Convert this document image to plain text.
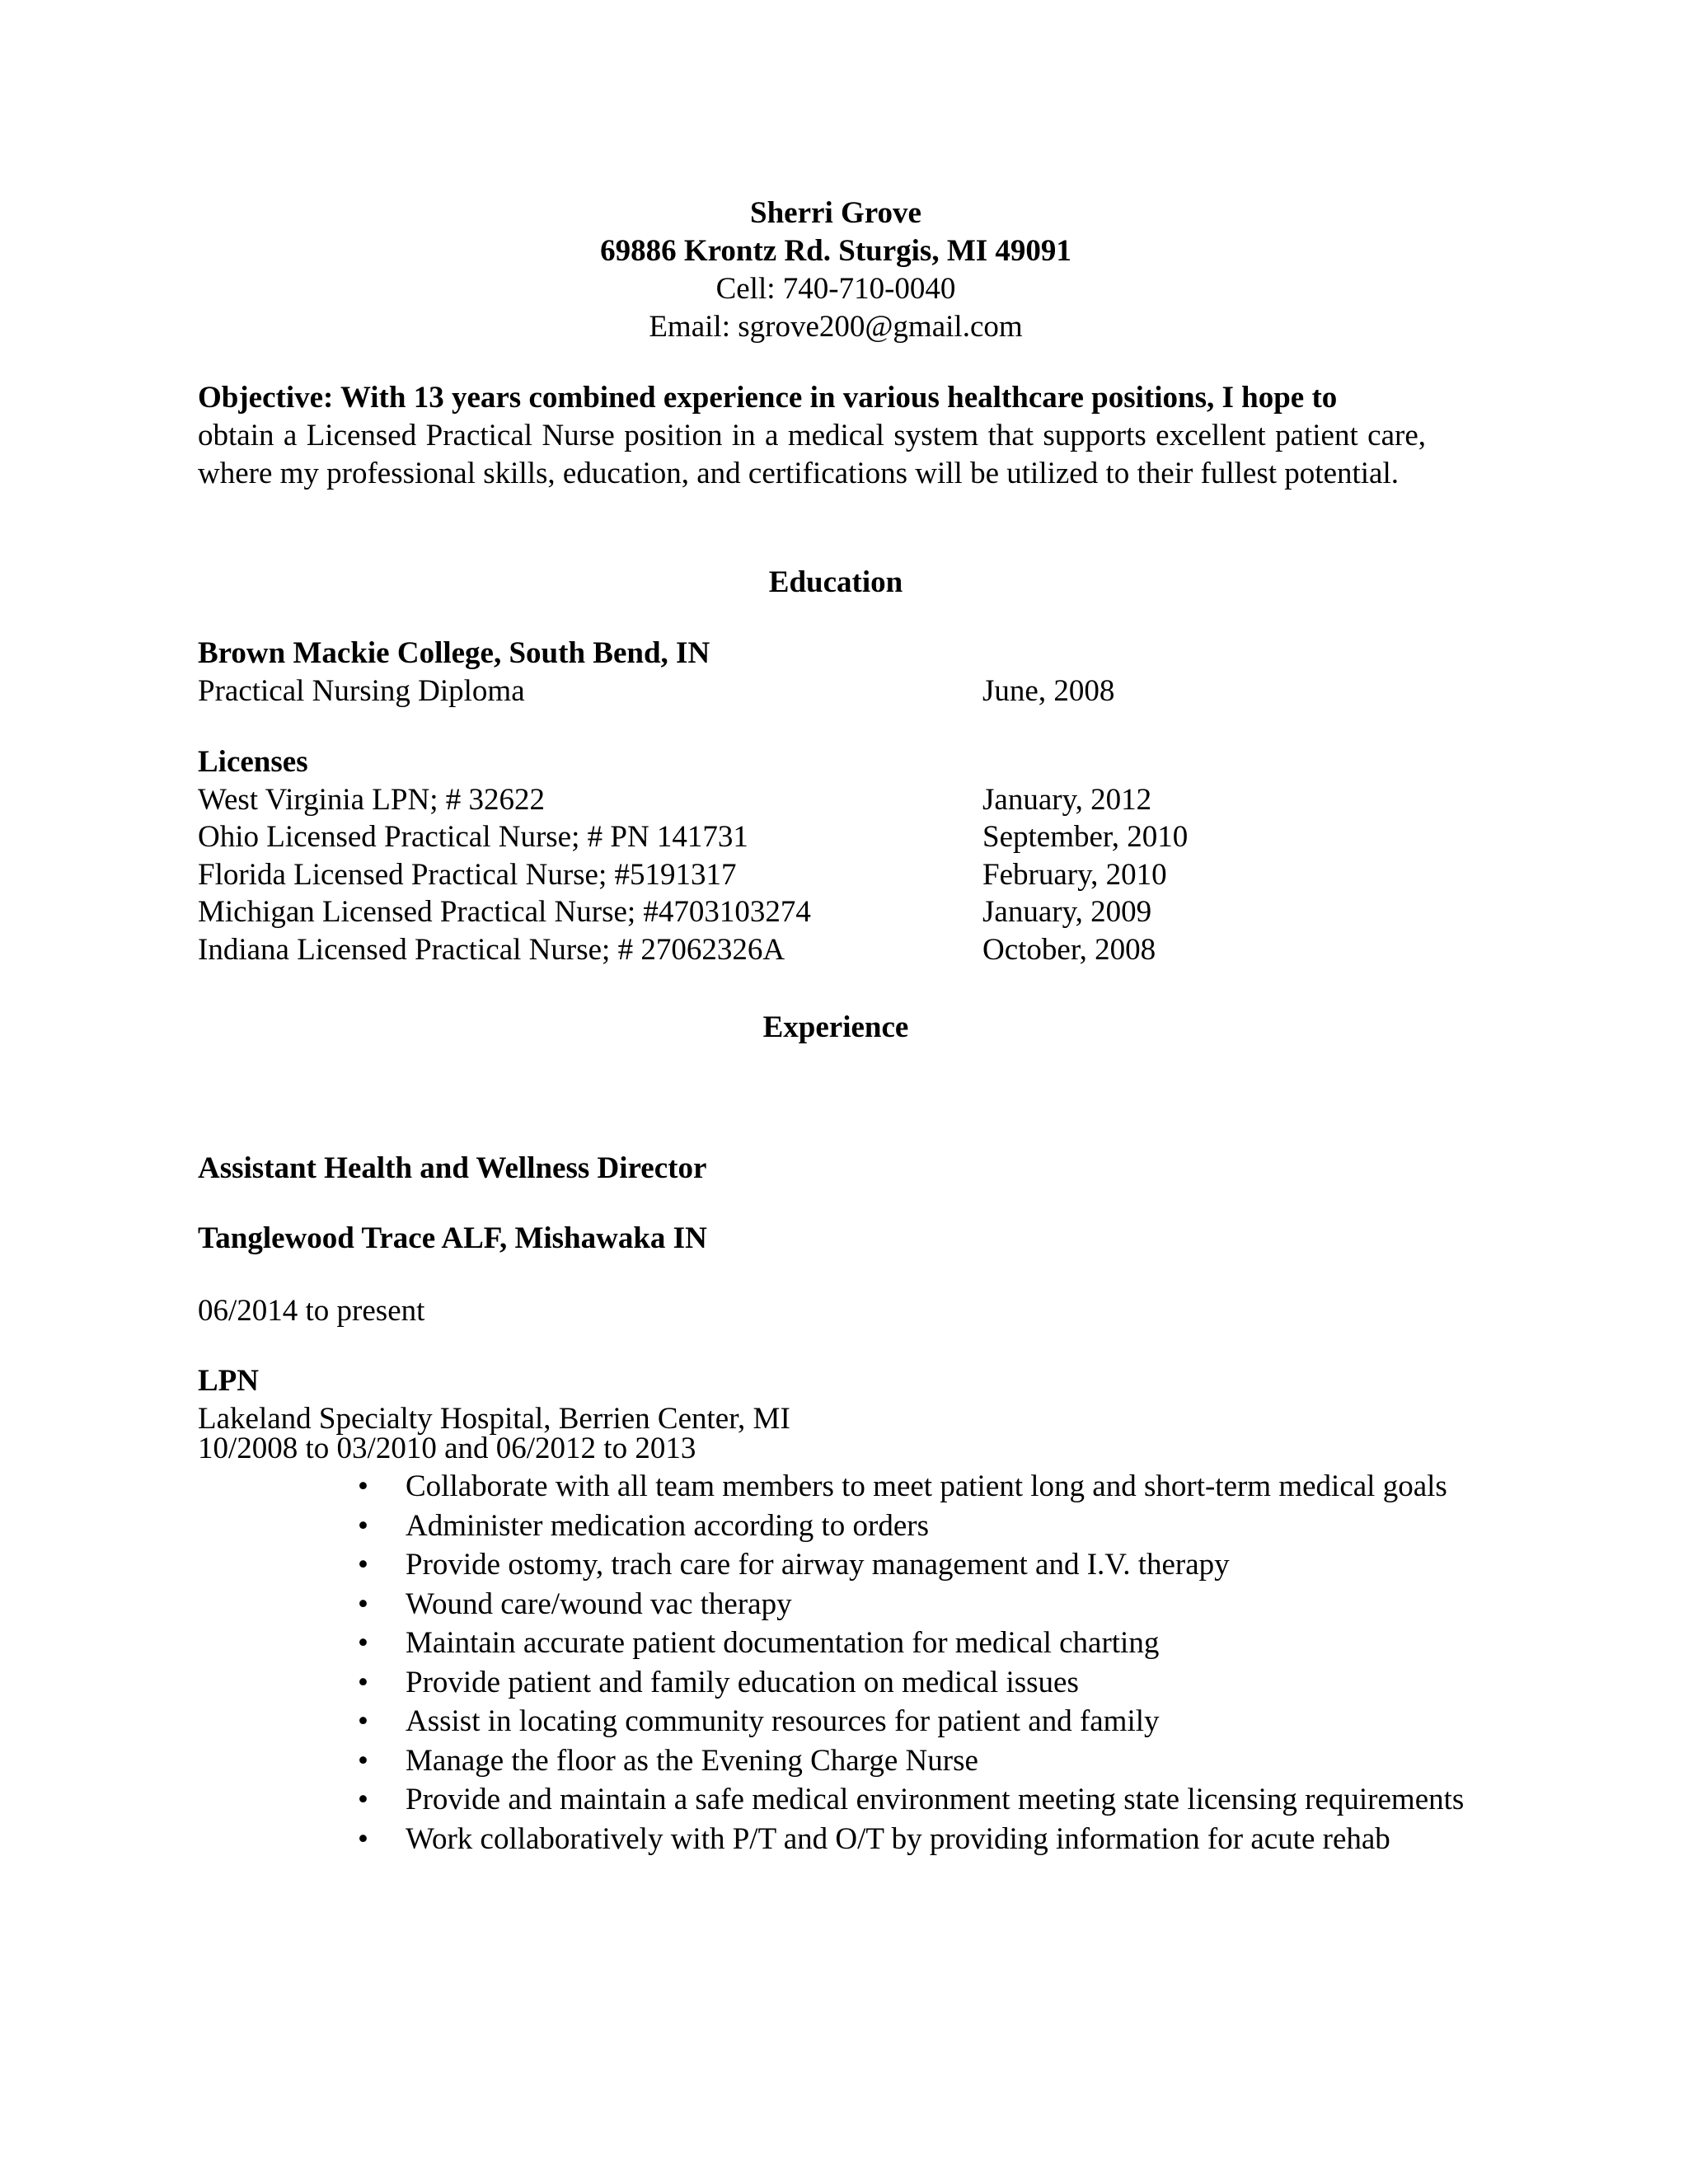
Sherri Grove
69886 Krontz Rd. Sturgis, MI 49091
Cell: 740-710-0040
Email: sgrove200@gmail.com
Objective: With 13 years combined experience in various healthcare positions, I hope to
obtain a Licensed Practical Nurse position in a medical system that supports excellent patient care, where my professional skills, education, and certifications will be utilized to their fullest potential.
Education
Brown Mackie College, South Bend, IN
Practical Nursing Diploma	June, 2008
Licenses
West Virginia LPN; # 32622	January, 2012
Ohio Licensed Practical Nurse; # PN 141731	September, 2010
Florida Licensed Practical Nurse; #5191317	February, 2010
Michigan Licensed Practical Nurse; #4703103274	January, 2009
Indiana Licensed Practical Nurse; # 27062326A	October, 2008
Experience
Assistant Health and Wellness Director
Tanglewood Trace ALF, Mishawaka IN
06/2014 to present
LPN
Lakeland Specialty Hospital, Berrien Center, MI
10/2008 to 03/2010 and 06/2012 to 2013
• Collaborate with all team members to meet patient long and short-term medical goals
• Administer medication according to orders
• Provide ostomy, trach care for airway management and I.V. therapy
• Wound care/wound vac therapy
• Maintain accurate patient documentation for medical charting
• Provide patient and family education on medical issues
• Assist in locating community resources for patient and family
• Manage the floor as the Evening Charge Nurse
• Provide and maintain a safe medical environment meeting state licensing requirements
• Work collaboratively with P/T and O/T by providing information for acute rehab
